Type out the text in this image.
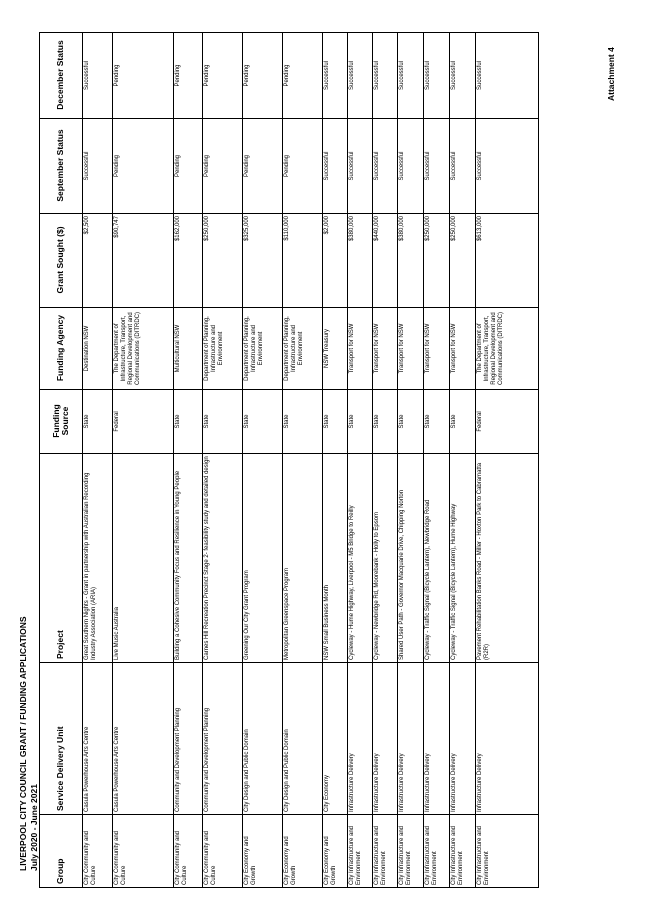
Attachment 4
LIVERPOOL CITY COUNCIL GRANT / FUNDING APPLICATIONS July 2020 - June 2021
Group	Service Delivery Unit	Project	Funding Source	Funding Agency	Grant Sought ($)	September Status	December Status
City Community and Culture	Casula Powerhouse Arts Centre	Great Southern Nights - Grant in partnership with Australian Recording Industry Association (ARIA)	State	Destination NSW	$2,500	Successful	Successful
City Community and Culture	Casula Powerhouse Arts Centre	Live Music Australia	Federal	The Department of Infrastructure, Transport, Regional Development and Communications (DITRDC)	$90,747	Pending	Pending
City Community and Culture	Community and Development Planning	Building a Cohesive Community Focus and Resilience in Young People	State	Multicultural NSW	$162,000	Pending	Pending
City Community and Culture	Community and Development Planning	Carnes Hill Recreation Precinct Stage 2- feasibility study and detailed design	State	Department of Planning, Infrastructure and Environment	$250,000	Pending	Pending
City Economy and Growth	City Design and Public Domain	Greening Our City Grant Program	State	Department of Planning, Infrastructure and Environment	$325,000	Pending	Pending
City Economy and Growth	City Design and Public Domain	Metropolitan Greenspace Program	State	Department of Planning, Infrastructure and Environment	$110,000	Pending	Pending
City Economy and Growth	City Economy	NSW Small Business Month	State	NSW Treasury	$2,000	Successful	Successful
City Infrastructure and Environment	Infrastructure Delivery	Cycleway - Hume Highway, Liverpool - M5 Bridge to Reilly	State	Transport for NSW	$380,000	Successful	Successful
City Infrastructure and Environment	Infrastructure Delivery	Cycleway - Newbridge Rd, Moorebank - Holly to Epsom	State	Transport for NSW	$440,000	Successful	Successful
City Infrastructure and Environment	Infrastructure Delivery	Shared User Path - Governor Macquarie Drive, Chipping Norton	State	Transport for NSW	$380,000	Successful	Successful
City Infrastructure and Environment	Infrastructure Delivery	Cycleway - Traffic Signal (Bicycle Lantern), Newbridge Road	State	Transport for NSW	$250,000	Successful	Successful
City Infrastructure and Environment	Infrastructure Delivery	Cycleway - Traffic Signal (Bicycle Lantern), Hume Highway	State	Transport for NSW	$250,000	Successful	Successful
City Infrastructure and Environment	Infrastructure Delivery	Pavement Rehabilitation Banks Road - Miller - Hoxton Park to Cabramatta (R2R)	Federal	The Department of Infrastructure, Transport, Regional Development and Communications (DITRDC)	$613,000	Successful	Successful
